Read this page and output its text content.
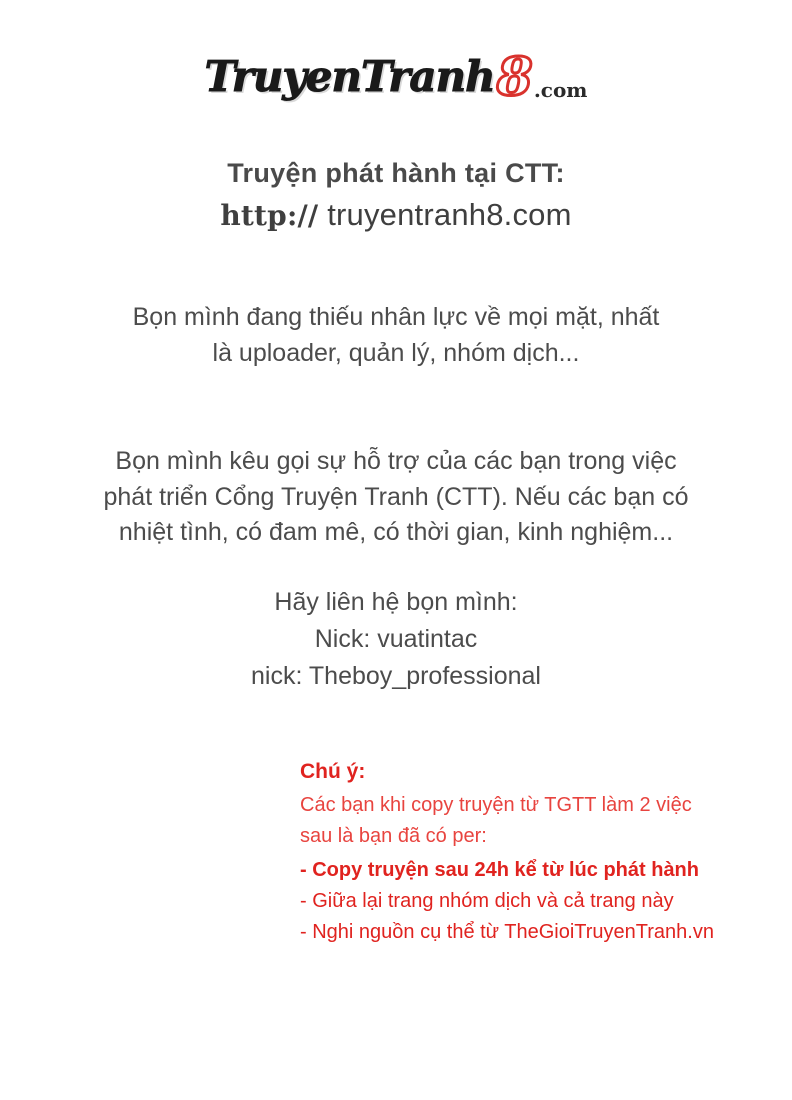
TruyenTranh8 .com
Truyện phát hành tại CTT:
http:// truyentranh8.com
Bọn mình đang thiếu nhân lực về mọi mặt, nhất
là uploader, quản lý, nhóm dịch...
Bọn mình kêu gọi sự hỗ trợ của các bạn trong việc
phát triển Cổng Truyện Tranh (CTT). Nếu các bạn có
nhiệt tình, có đam mê, có thời gian, kinh nghiệm...
Hãy liên hệ bọn mình:
Nick: vuatintac
nick: Theboy_professional
Chú ý:
Các bạn khi copy truyện từ TGTT làm 2 việc
sau là bạn đã có per:
- Copy truyện sau 24h kể từ lúc phát hành
- Giữa lại trang nhóm dịch và cả trang này
- Nghi nguồn cụ thể từ TheGioiTruyenTranh.vn
